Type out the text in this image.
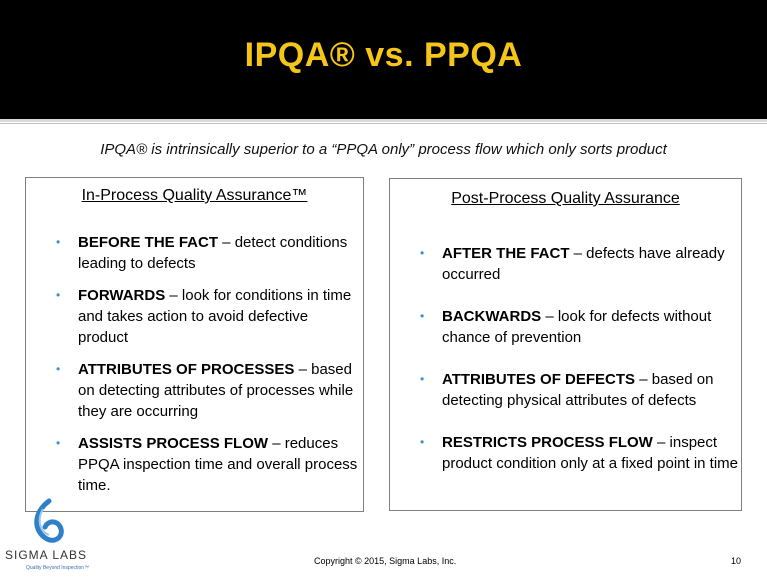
IPQA® vs. PPQA
IPQA® is intrinsically superior to a “PPQA only” process flow which only sorts product
In-Process Quality Assurance™
• BEFORE THE FACT – detect conditions leading to defects
• FORWARDS – look for conditions in time and takes action to avoid defective product
• ATTRIBUTES OF PROCESSES – based on detecting attributes of processes while they are occurring
• ASSISTS PROCESS FLOW – reduces PPQA inspection time and overall process time.
Post-Process Quality Assurance
• AFTER THE FACT – defects have already occurred
• BACKWARDS – look for defects without chance of prevention
• ATTRIBUTES OF DEFECTS – based on detecting physical attributes of defects
• RESTRICTS PROCESS FLOW – inspect product condition only at a fixed point in time
SIGMA LABS
Quality Beyond Inspection™
Copyright © 2015, Sigma Labs, Inc.	10
